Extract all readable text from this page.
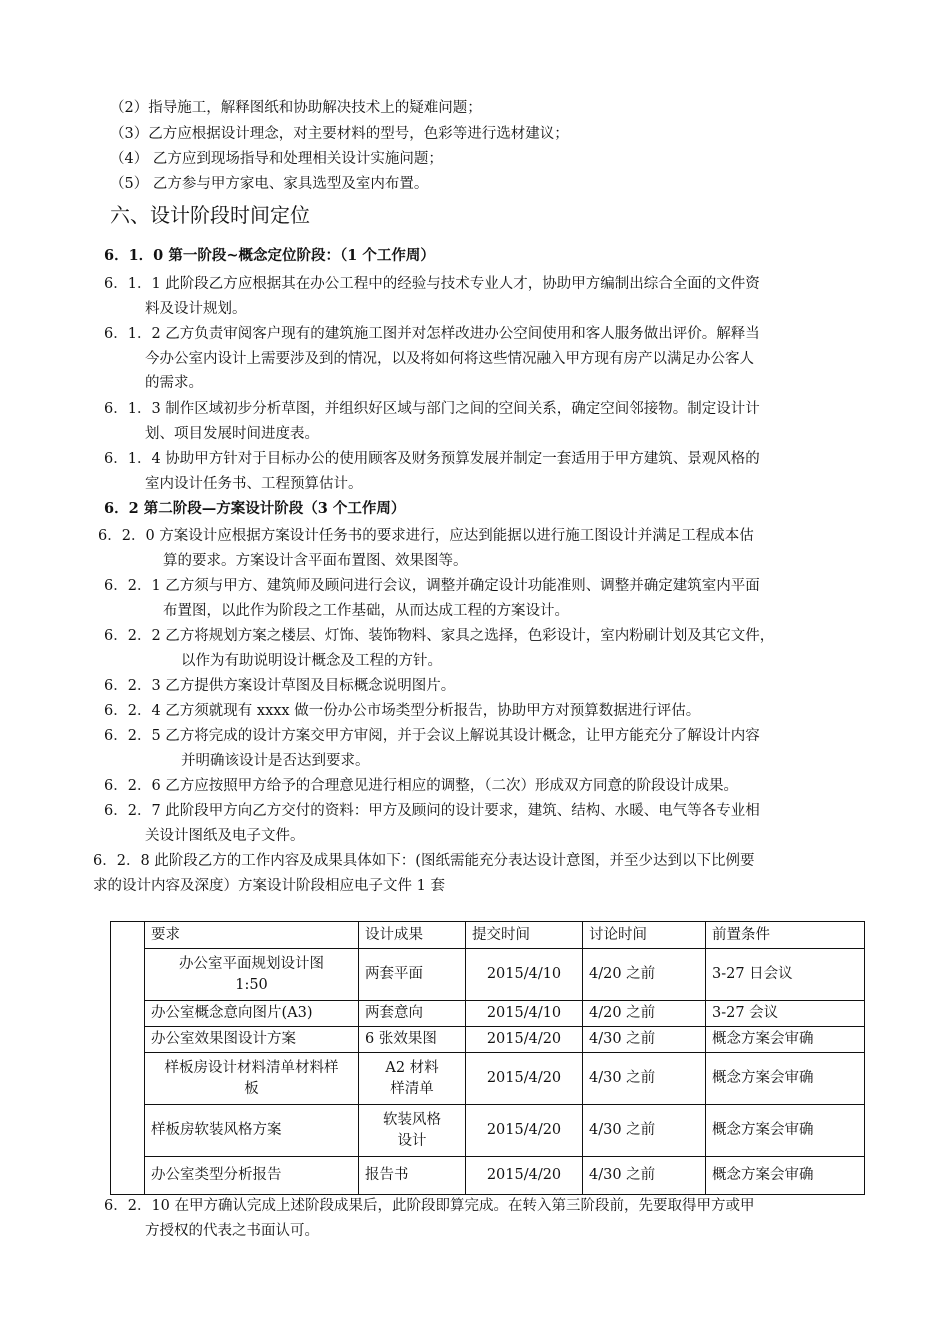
（2）指导施工，解释图纸和协助解决技术上的疑难问题；
（3）乙方应根据设计理念，对主要材料的型号，色彩等进行选材建议；
（4） 乙方应到现场指导和处理相关设计实施问题；
（5） 乙方参与甲方家电、家具选型及室内布置。
六、设计阶段时间定位
6．1．0 第一阶段~概念定位阶段：（1 个工作周）
6．1．1 此阶段乙方应根据其在办公工程中的经验与技术专业人才，协助甲方编制出综合全面的文件资
料及设计规划。
6．1．2 乙方负责审阅客户现有的建筑施工图并对怎样改进办公空间使用和客人服务做出评价。解释当
今办公室内设计上需要涉及到的情况，以及将如何将这些情况融入甲方现有房产以满足办公客人
的需求。
6．1．3 制作区域初步分析草图，并组织好区域与部门之间的空间关系，确定空间邻接物。制定设计计
划、项目发展时间进度表。
6．1．4 协助甲方针对于目标办公的使用顾客及财务预算发展并制定一套适用于甲方建筑、景观风格的
室内设计任务书、工程预算估计。
6．2 第二阶段—方案设计阶段（3 个工作周）
6．2．0 方案设计应根据方案设计任务书的要求进行，应达到能据以进行施工图设计并满足工程成本估
算的要求。方案设计含平面布置图、效果图等。
6．2．1 乙方须与甲方、建筑师及顾问进行会议，调整并确定设计功能准则、调整并确定建筑室内平面
布置图，以此作为阶段之工作基础，从而达成工程的方案设计。
6．2．2 乙方将规划方案之楼层、灯饰、装饰物料、家具之选择，色彩设计，室内粉刷计划及其它文件，
以作为有助说明设计概念及工程的方针。
6．2．3 乙方提供方案设计草图及目标概念说明图片。
6．2．4 乙方须就现有 xxxx 做一份办公市场类型分析报告，协助甲方对预算数据进行评估。
6．2．5 乙方将完成的设计方案交甲方审阅，并于会议上解说其设计概念，让甲方能充分了解设计内容
并明确该设计是否达到要求。
6．2．6 乙方应按照甲方给予的合理意见进行相应的调整，（二次）形成双方同意的阶段设计成果。
6．2．7 此阶段甲方向乙方交付的资料：甲方及顾问的设计要求，建筑、结构、水暖、电气等各专业相
关设计图纸及电子文件。
6．2．8 此阶段乙方的工作内容及成果具体如下：(图纸需能充分表达设计意图，并至少达到以下比例要
求的设计内容及深度）方案设计阶段相应电子文件 1 套
	要求	设计成果	提交时间	讨论时间	前置条件
	办公室平面规划设计图 1:50	两套平面	2015/4/10	4/20 之前	3-27 日会议
	办公室概念意向图片(A3)	两套意向	2015/4/10	4/20 之前	3-27 会议
	办公室效果图设计方案	6 张效果图	2015/4/20	4/30 之前	概念方案会审确
	样板房设计材料清单材料样板	A2 材料样清单	2015/4/20	4/30 之前	概念方案会审确
	样板房软装风格方案	软装风格设计	2015/4/20	4/30 之前	概念方案会审确
	办公室类型分析报告	报告书	2015/4/20	4/30 之前	概念方案会审确
6．2．10 在甲方确认完成上述阶段成果后，此阶段即算完成。在转入第三阶段前，先要取得甲方或甲
方授权的代表之书面认可。
